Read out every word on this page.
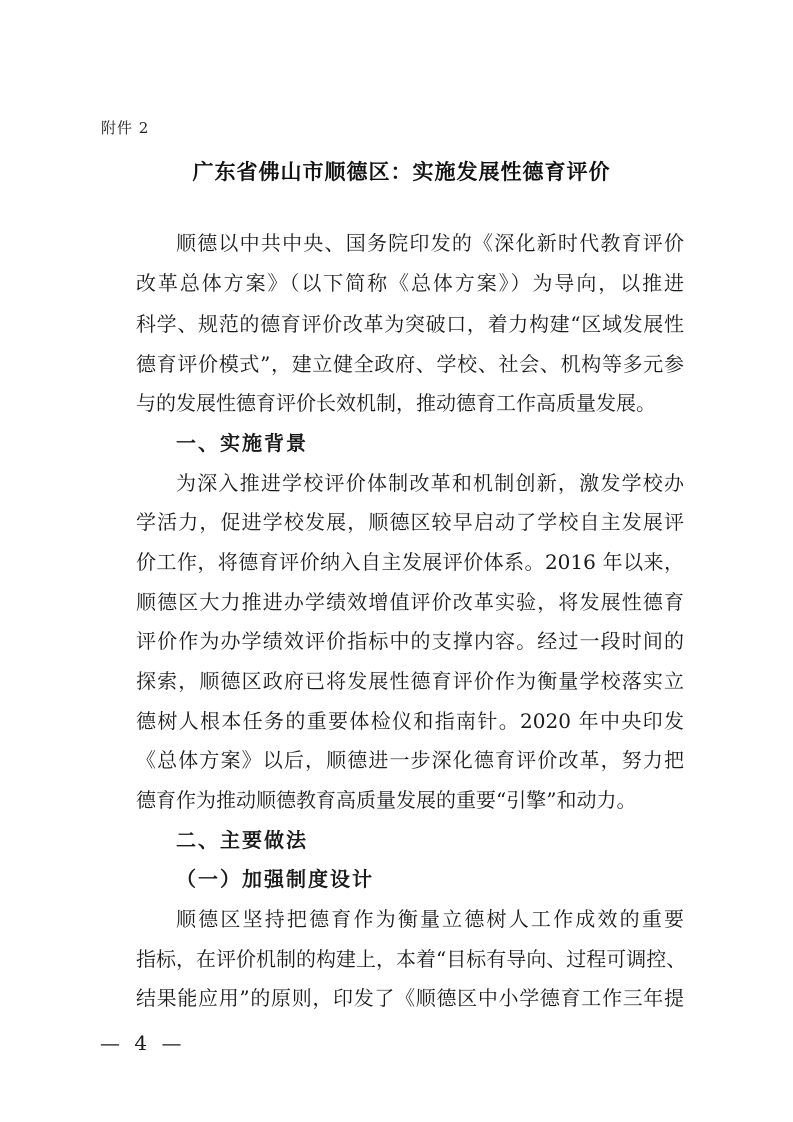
附件 2
广东省佛山市顺德区：实施发展性德育评价
顺德以中共中央、国务院印发的《深化新时代教育评价
改革总体方案》（以下简称《总体方案》）为导向，以推进
科学、规范的德育评价改革为突破口，着力构建“区域发展性
德育评价模式”，建立健全政府、学校、社会、机构等多元参
与的发展性德育评价长效机制，推动德育工作高质量发展。
一、实施背景
为深入推进学校评价体制改革和机制创新，激发学校办
学活力，促进学校发展，顺德区较早启动了学校自主发展评
价工作，将德育评价纳入自主发展评价体系。2016 年以来，
顺德区大力推进办学绩效增值评价改革实验，将发展性德育
评价作为办学绩效评价指标中的支撑内容。经过一段时间的
探索，顺德区政府已将发展性德育评价作为衡量学校落实立
德树人根本任务的重要体检仪和指南针。2020 年中央印发
《总体方案》以后，顺德进一步深化德育评价改革，努力把
德育作为推动顺德教育高质量发展的重要“引擎”和动力。
二、主要做法
（一）加强制度设计
顺德区坚持把德育作为衡量立德树人工作成效的重要
指标，在评价机制的构建上，本着“目标有导向、过程可调控、
结果能应用”的原则，印发了《顺德区中小学德育工作三年提
— 4 —
